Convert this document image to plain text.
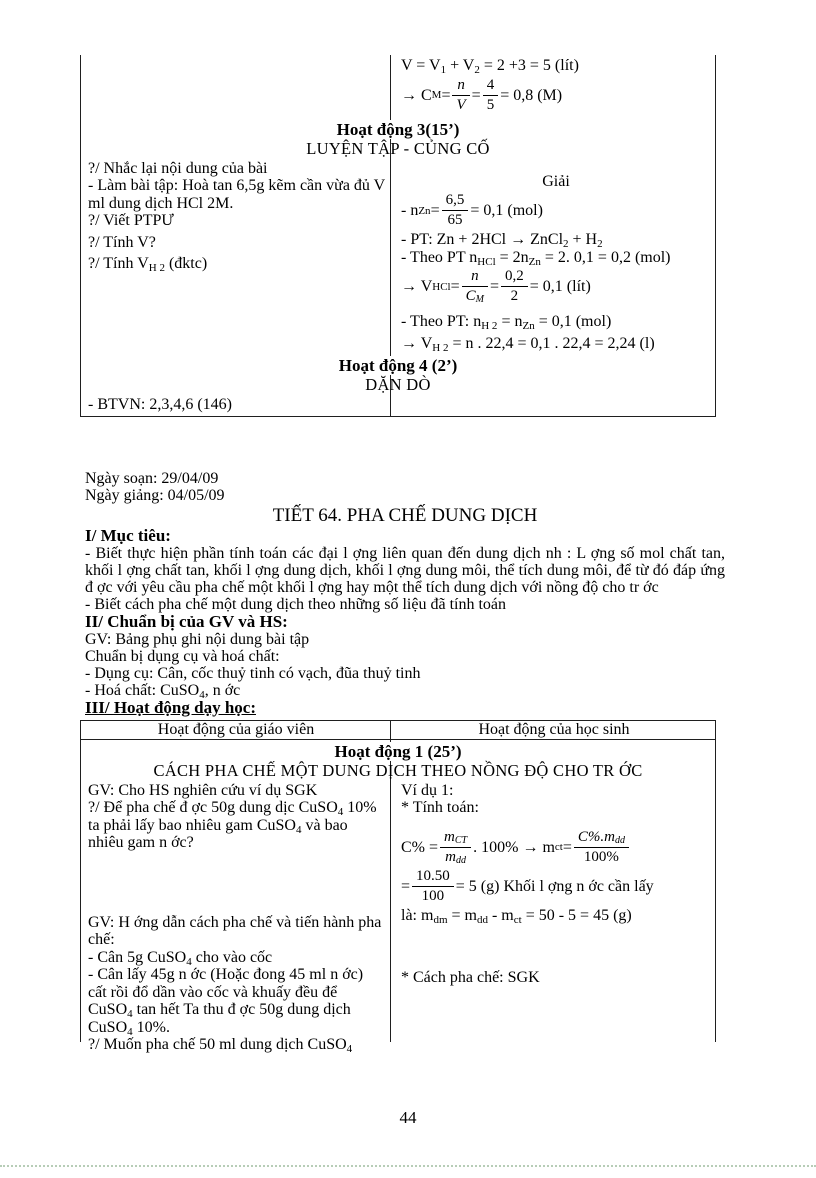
$V = V_1 + V_2 = 2 +3 = 5$ (lít)
→ C $M = \frac{n}{V} = \frac{4}{5} = 0,8$ (M)
Hoạt động 3(15’)
LUYỆN TẬP - CỦNG CỐ
?/ Nhắc lại nội dung của bài
- Làm bài tập: Hoà tan 6,5g kẽm cần vừa đủ V ml dung dịch HCl 2M.
?/ Viết PTPƯ
?/ Tính V?
?/ Tính $V_{H 2}$ (đktc)
Giải
- n $Zn = \frac{6,5}{65} = 0,1$ (mol)
- PT: Zn + 2HCl → ZnCl$_2$ + $H_2$
- Theo PT $n_{HCl} = 2n_{Zn} = 2$. 0,1 = 0,2 (mol)
→ V HCl = $\frac{n}{C_M} = \frac{0,2}{2} = 0,1$ (lít)
- Theo PT: $n_{H 2} = n_{Zn} = 0,1$ (mol)
→ $V_{H 2} = n$ . 22,4 = 0,1 . 22,4 = 2,24 (l)
Hoạt động 4 (2’)
DẶN DÒ
- BTVN: 2,3,4,6 (146)
Ngày soạn: 29/04/09
Ngày giảng: 04/05/09
TIẾT 64. PHA CHẾ DUNG DỊCH
I/ Mục tiêu:
- Biết thực hiện phần tính toán các đại l ợng liên quan đến dung dịch nh : L ợng số mol chất tan, khối l ợng chất tan, khối l ợng dung dịch, khối l ợng dung môi, thể tích dung môi, để từ đó đáp ứng đ ợc với yêu cầu pha chế một khối l ợng hay một thể tích dung dịch với nồng độ cho tr ớc
- Biết cách pha chế một dung dịch theo những số liệu đã tính toán
II/ Chuẩn bị của GV và HS:
GV: Bảng phụ ghi nội dung bài tập
Chuẩn bị dụng cụ và hoá chất:
- Dụng cụ: Cân, cốc thuỷ tinh có vạch, đũa thuỷ tinh
- Hoá chất: CuSO$_4$, n ớc
III/ Hoạt động dạy học:
Hoạt động của giáo viên	Hoạt động của học sinh
Hoạt động 1 (25’)
CÁCH PHA CHẾ MỘT DUNG DỊCH THEO NỒNG ĐỘ CHO TR ỚC
GV: Cho HS nghiên cứu ví dụ SGK
?/ Để pha chế đ ợc 50g dung dịc CuSO$_4$ 10% ta phải lấy bao nhiêu gam CuSO$_4$ và bao nhiêu gam n ớc?
GV: H ớng dẫn cách pha chế và tiến hành pha chế:
- Cân 5g CuSO$_4$ cho vào cốc
- Cân lấy 45g n ớc (Hoặc đong 45 ml n ớc) cất rồi đổ dần vào cốc và khuấy đều để CuSO$_4$ tan hết Ta thu đ ợc 50g dung dịch CuSO$_4$ 10%.
?/ Muốn pha chế 50 ml dung dịch CuSO$_4$
Ví dụ 1:
* Tính toán:
C% =
$m_{CT}$
$m_{dd}$
. 100% → m ct =
$C\%.m_{dd}$
100%
= $\frac{10.50}{100} = 5$ (g) Khối l ợng n ớc cần lấy
là: $m_{dm} = m_{dd} - m_{ct} = 50 - 5 = 45$ (g)
* Cách pha chế: SGK
44
